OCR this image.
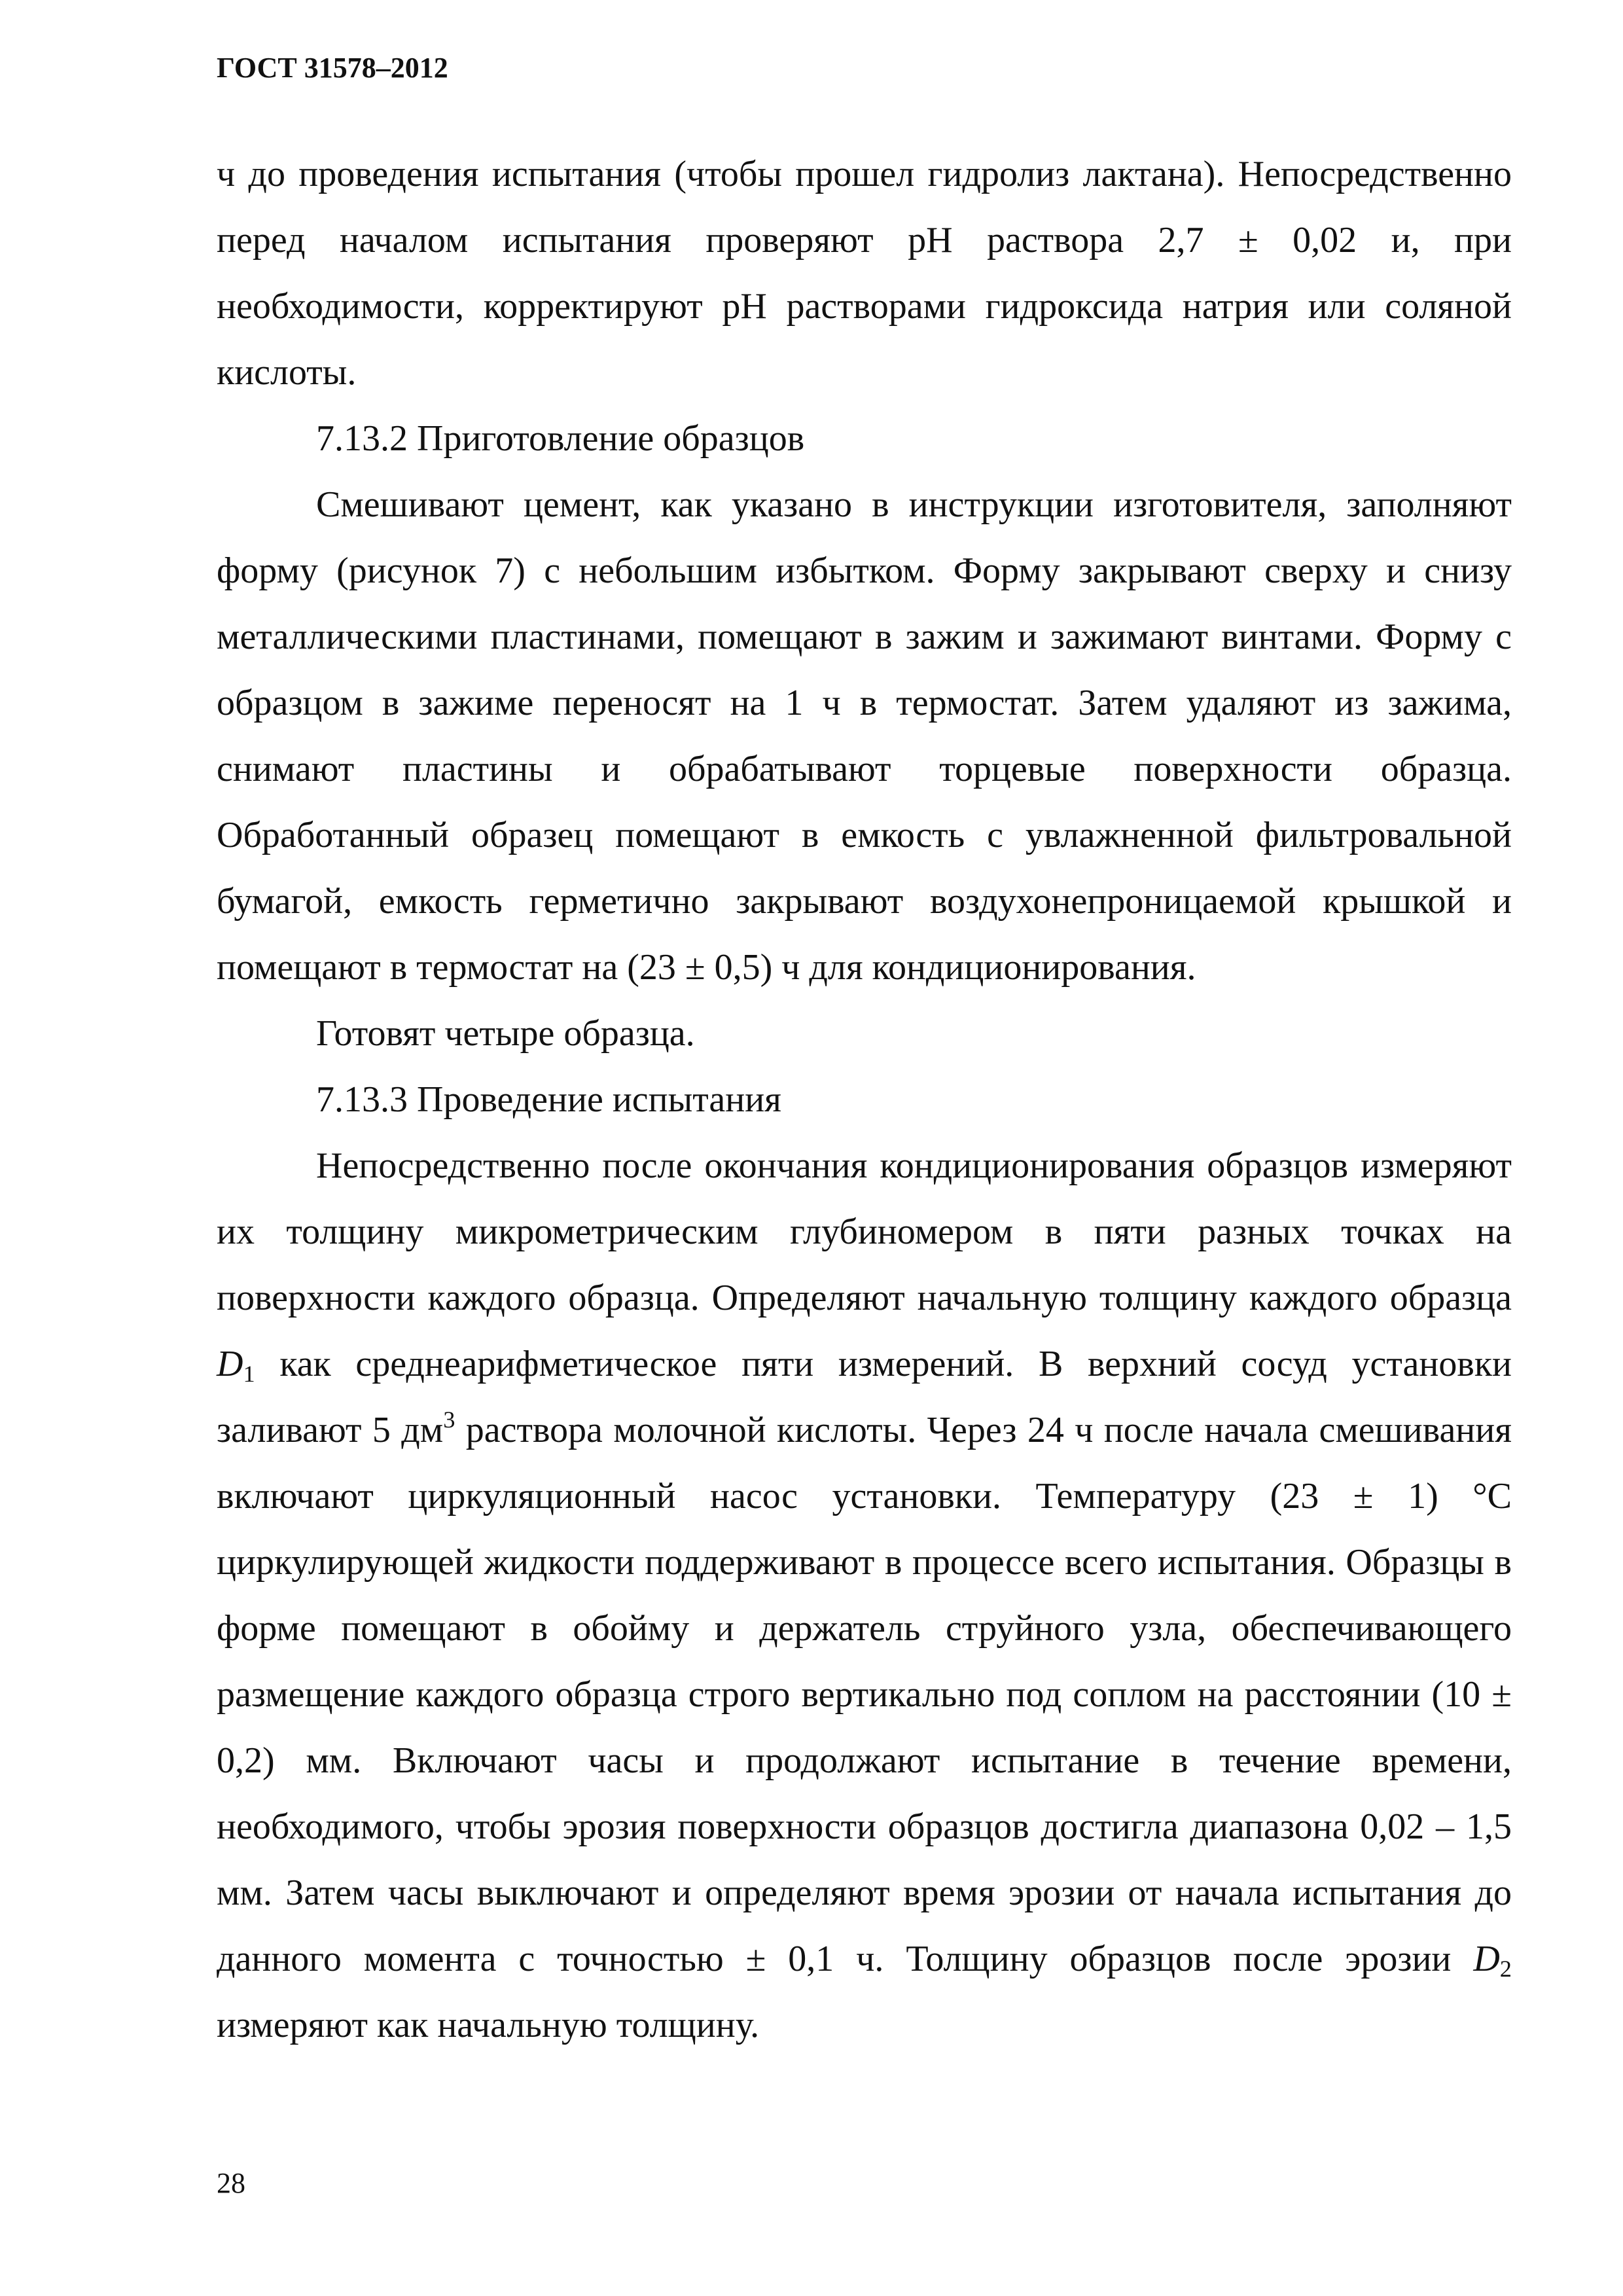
ГОСТ 31578–2012

ч до проведения испытания (чтобы прошел гидролиз лактана). Непосредственно перед началом испытания проверяют pH раствора 2,7 ± 0,02 и, при необходимости, корректируют pH растворами гидроксида натрия или соляной кислоты.

7.13.2 Приготовление образцов

Смешивают цемент, как указано в инструкции изготовителя, заполняют форму (рисунок 7) с небольшим избытком. Форму закрывают сверху и снизу металлическими пластинами, помещают в зажим и зажимают винтами. Форму с образцом в зажиме переносят на 1 ч в термостат. Затем удаляют из зажима, снимают пластины и обрабатывают торцевые поверхности образца. Обработанный образец помещают в емкость с увлажненной фильтровальной бумагой, емкость герметично закрывают воздухонепроницаемой крышкой и помещают в термостат на (23 ± 0,5) ч для кондиционирования.

Готовят четыре образца.

7.13.3 Проведение испытания

Непосредственно после окончания кондиционирования образцов измеряют их толщину микрометрическим глубиномером в пяти разных точках на поверхности каждого образца. Определяют начальную толщину каждого образца $D_1$ как среднеарифметическое пяти измерений. В верхний сосуд установки заливают 5 $дм^3$ раствора молочной кислоты. Через 24 ч после начала смешивания включают циркуляционный насос установки. Температуру (23 ± 1) °С циркулирующей жидкости поддерживают в процессе всего испытания. Образцы в форме помещают в обойму и держатель струйного узла, обеспечивающего размещение каждого образца строго вертикально под соплом на расстоянии (10 ± 0,2) мм. Включают часы и продолжают испытание в течение времени, необходимого, чтобы эрозия поверхности образцов достигла диапазона 0,02 – 1,5 мм. Затем часы выключают и определяют время эрозии от начала испытания до данного момента с точностью ± 0,1 ч. Толщину образцов после эрозии $D_2$ измеряют как начальную толщину.

28
